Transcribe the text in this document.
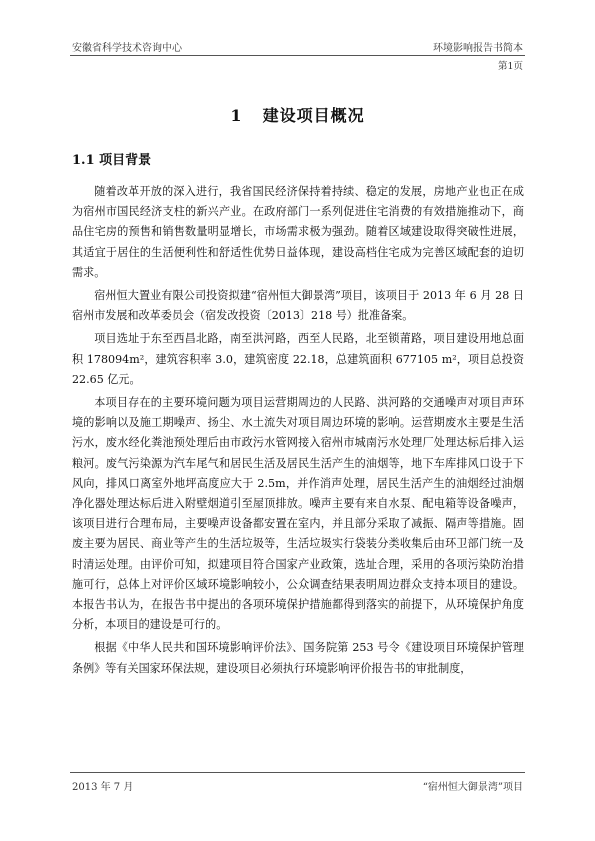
安徽省科学技术咨询中心	环境影响报告书简本
第1页
1 建设项目概况
1.1 项目背景

随着改革开放的深入进行，我省国民经济保持着持续、稳定的发展，房地产业也正在成为宿州市国民经济支柱的新兴产业。在政府部门一系列促进住宅消费的有效措施推动下，商品住宅房的预售和销售数量明显增长，市场需求极为强劲。随着区域建设取得突破性进展，其适宜于居住的生活便利性和舒适性优势日益体现，建设高档住宅成为完善区域配套的迫切需求。

宿州恒大置业有限公司投资拟建“宿州恒大御景湾”项目，该项目于 2013 年 6 月 28 日宿州市发展和改革委员会（宿发改投资〔2013〕218 号）批准备案。

项目选址于东至西昌北路，南至洪河路，西至人民路，北至锁莆路，项目建设用地总面积 178094m²，建筑容积率 3.0，建筑密度 22.18，总建筑面积 677105 m²，项目总投资 22.65 亿元。

本项目存在的主要环境问题为项目运营期周边的人民路、洪河路的交通噪声对项目声环境的影响以及施工期噪声、扬尘、水土流失对项目周边环境的影响。运营期废水主要是生活污水，废水经化粪池预处理后由市政污水管网接入宿州市城南污水处理厂处理达标后排入运粮河。废气污染源为汽车尾气和居民生活及居民生活产生的油烟等，地下车库排风口设于下风向，排风口离室外地坪高度应大于 2.5m，并作消声处理，居民生活产生的油烟经过油烟净化器处理达标后进入附壁烟道引至屋顶排放。噪声主要有来自水泵、配电箱等设备噪声，该项目进行合理布局，主要噪声设备都安置在室内，并且部分采取了减振、隔声等措施。固废主要为居民、商业等产生的生活垃圾等，生活垃圾实行袋装分类收集后由环卫部门统一及时清运处理。由评价可知，拟建项目符合国家产业政策，选址合理，采用的各项污染防治措施可行，总体上对评价区域环境影响较小，公众调查结果表明周边群众支持本项目的建设。本报告书认为，在报告书中提出的各项环境保护措施都得到落实的前提下，从环境保护角度分析，本项目的建设是可行的。

根据《中华人民共和国环境影响评价法》、国务院第 253 号令《建设项目环境保护管理条例》等有关国家环保法规，建设项目必须执行环境影响评价报告书的审批制度，

2013 年 7 月	“宿州恒大御景湾”项目
